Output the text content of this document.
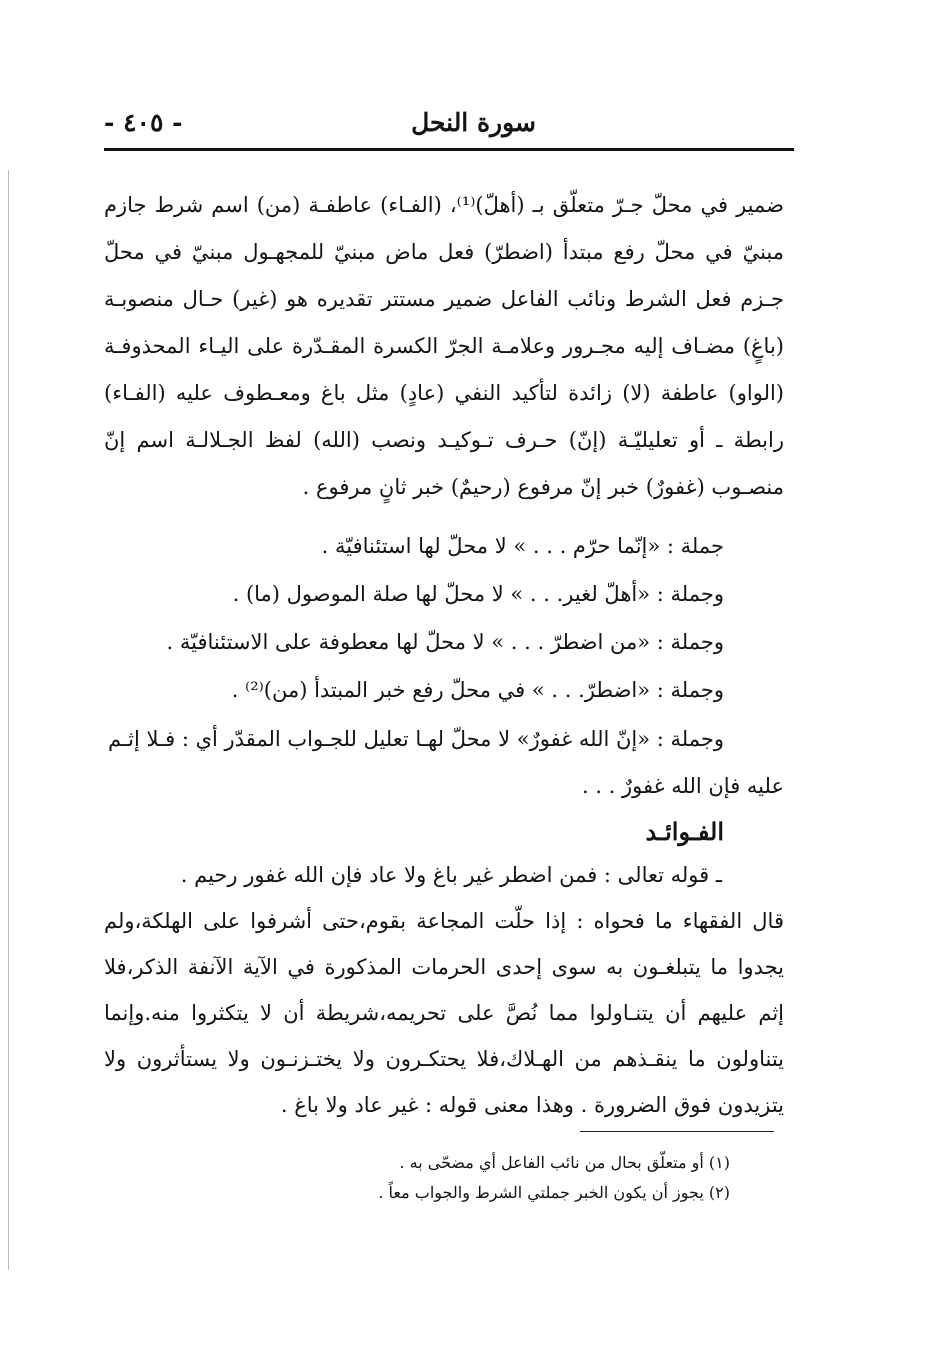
سورة النحل
- ٤٠٥ -

ضمير في محلّ جـرّ متعلّق بـ (أهلّ)⁽¹⁾، (الفـاء) عاطفـة (من) اسم شرط جازم مبنيّ في محلّ رفع مبتدأ (اضطرّ) فعل ماض مبنيّ للمجهـول مبنيّ في محلّ جـزم فعل الشرط ونائب الفاعل ضمير مستتر تقديره هو (غير) حـال منصوبـة (باغٍ) مضـاف إليه مجـرور وعلامـة الجرّ الكسرة المقـدّرة على اليـاء المحذوفـة (الواو) عاطفة (لا) زائدة لتأكيد النفي (عادٍ) مثل باغ ومعـطوف عليه (الفـاء) رابطة ـ أو تعليليّـة (إنّ) حـرف تـوكيـد ونصب (الله) لفظ الجـلالـة اسم إنّ منصـوب (غفورٌ) خبر إنّ مرفوع (رحيمٌ) خبر ثانٍ مرفوع .

جملة : «إنّما حرّم . . . » لا محلّ لها استئنافيّة .
وجملة : «أهلّ لغير. . . » لا محلّ لها صلة الموصول (ما) .
وجملة : «من اضطرّ . . . » لا محلّ لها معطوفة على الاستئنافيّة .
وجملة : «اضطرّ. . . » في محلّ رفع خبر المبتدأ (من)⁽²⁾ .
وجملة : «إنّ الله غفورٌ» لا محلّ لهـا تعليل للجـواب المقدّر أي : فـلا إثـم
عليه فإن الله غفورٌ . . .
الفـوائـد

ـ قوله تعالى : فمن اضطر غير باغ ولا عاد فإن الله غفور رحيم .

قال الفقهاء ما فحواه : إذا حلّت المجاعة بقوم،حتى أشرفوا على الهلكة،ولم يجدوا ما يتبلغـون به سوى إحدى الحرمات المذكورة في الآية الآنفة الذكر،فلا إثم عليهم أن يتنـاولوا مما نُصَّ على تحريمه،شريطة أن لا يتكثروا منه.وإنما يتناولون ما ينقـذهم من الهـلاك،فلا يحتكـرون ولا يختـزنـون ولا يستأثرون ولا يتزيدون فوق الضرورة . وهذا معنى قوله : غير عاد ولا باغ .

(١) أو متعلّق بحال من نائب الفاعل أي مضحّى به .

(٢) يجوز أن يكون الخبر جملتي الشرط والجواب معاً .
